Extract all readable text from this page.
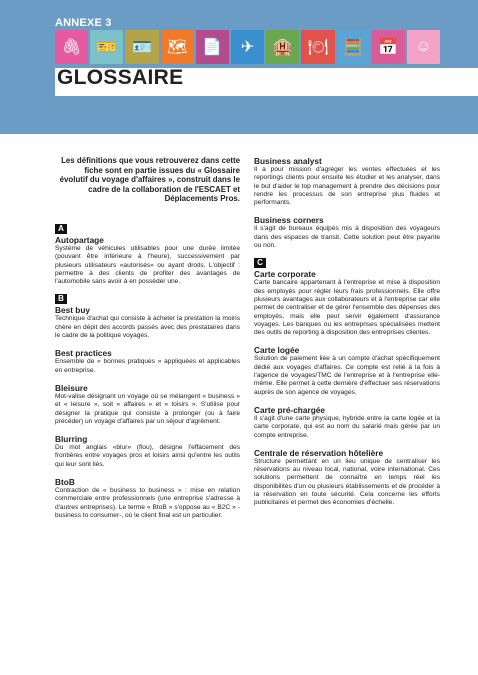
ANNEXE 3
🖇 🎫 🪪 🗺 📄	✈	🏨 🍽 🧮 📅	☺
GLOSSAIRE

Les définitions que vous retrouverez dans cette fiche sont en partie issues du « Glossaire évolutif du voyage d'affaires », construit dans le cadre de la collaboration de l'ESCAET et Déplacements Pros.

A

Autopartage

Système de véhicules utilisables pour une durée limitée (pouvant être inférieure à l'heure), successivement par plusieurs utilisateurs «autorisés» ou ayant droits. L'objectif : permettre à des clients de profiter des avantages de l'automobile sans avoir à en posséder une.

B

Best buy

Technique d'achat qui consiste à acheter la prestation la moins chère en dépit des accords passés avec des prestataires dans le cadre de la politique voyages.

Best practices

Ensemble de « bonnes pratiques » appliquées et applicables en entreprise.

Bleisure

Mot-valise désignant un voyage où se mélangent « business » et « leisure », soit « affaires » et « loisirs ». S'utilise pour désigner la pratique qui consiste à prolonger (ou à faire précéder) un voyage d'affaires par un séjour d'agrément.

Blurring

Du mot anglais «blur» (flou), désigne l'effacement des frontières entre voyages pros et loisirs ainsi qu'entre les outils qui leur sont liés.

BtoB

Contraction de « business to business » : mise en relation commerciale entre professionnels (une entreprise s'adresse à d'autres entreprises). Le terme « BtoB » s'oppose au « B2C » -business to consumer-, où le client final est un particulier.

Business analyst

Il a pour mission d'agréger les ventes effectuées et les reportings clients pour ensuite les étudier et les analyser, dans le but d'aider le top management à prendre des décisions pour rendre les processus de son entreprise plus fluides et performants.

Business corners

Il s'agit de bureaux équipés mis à disposition des voyageurs dans des espaces de transit. Cette solution peut être payante ou non.

C

Carte corporate

Carte bancaire appartenant à l'entreprise et mise à disposition des employés pour régler leurs frais professionnels. Elle offre plusieurs avantages aux collaborateurs et à l'entreprise car elle permet de centraliser et de gérer l'ensemble des dépenses des employés, mais elle peut servir également d'assurance voyages. Les banques ou les entreprises spécialisées mettent des outils de reporting à disposition des entreprises clientes.

Carte logée

Solution de paiement liée à un compte d'achat spécifiquement dédié aux voyages d'affaires. Ce compte est relié à la fois à l'agence de voyages/TMC de l'entreprise et à l'entreprise elle-même. Elle permet à cette dernière d'effectuer ses réservations auprès de son agence de voyages.

Carte pré-chargée

Il s'agit d'une carte physique, hybride entre la carte logée et la carte corporate, qui est au nom du salarié mais gérée par un compte entreprise.

Centrale de réservation hôtelière

Structure permettant en un lieu unique de centraliser les réservations au niveau local, national, voire international. Ces solutions permettent de connaître en temps réel les disponibilités d'un ou plusieurs établissements et de procéder à la réservation en toute sécurité. Cela concerne les efforts publicitaires et permet des économies d'échelle.
